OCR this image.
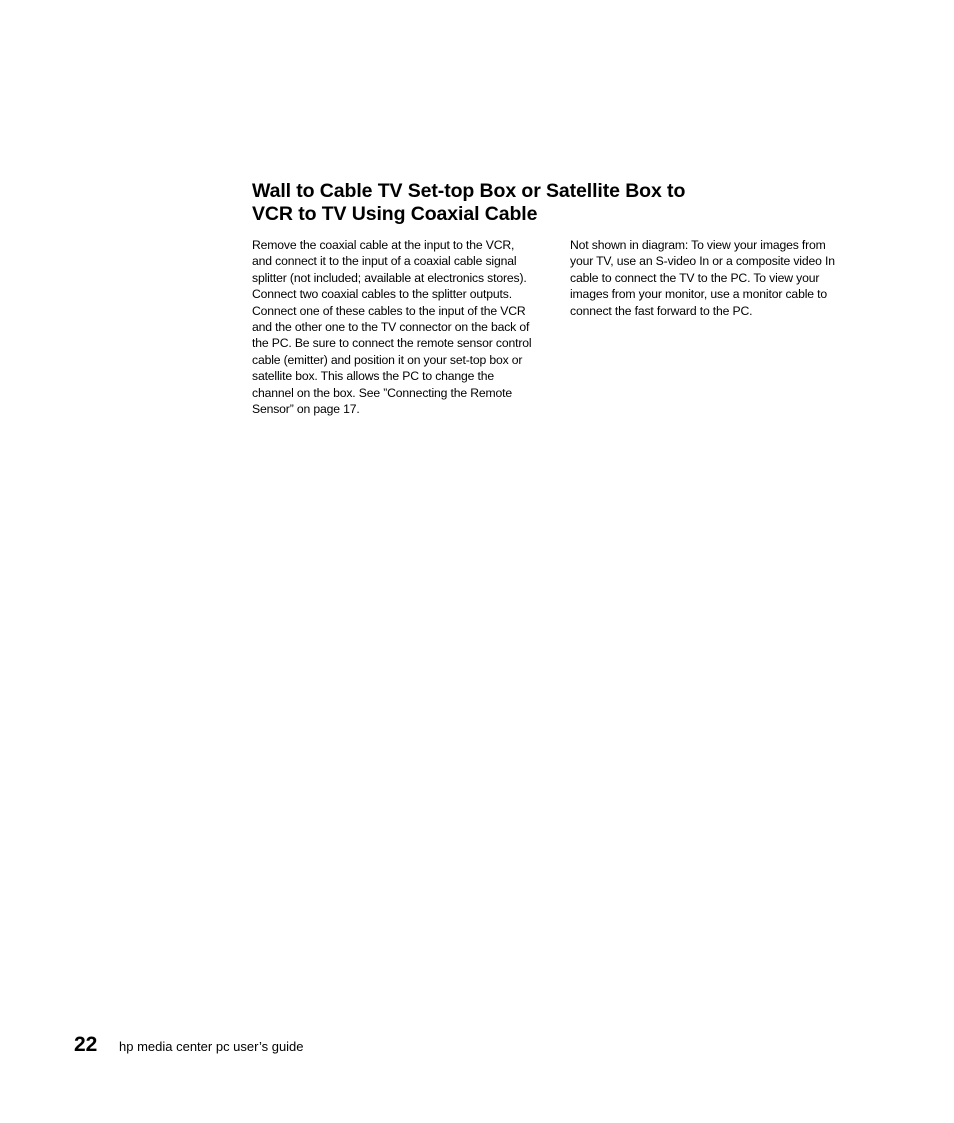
Wall to Cable TV Set-top Box or Satellite Box to
VCR to TV Using Coaxial Cable

Remove the coaxial cable at the input to the VCR,
and connect it to the input of a coaxial cable signal
splitter (not included; available at electronics stores).
Connect two coaxial cables to the splitter outputs.
Connect one of these cables to the input of the VCR
and the other one to the TV connector on the back of
the PC. Be sure to connect the remote sensor control
cable (emitter) and position it on your set-top box or
satellite box. This allows the PC to change the
channel on the box. See ”Connecting the Remote
Sensor” on page 17.

Not shown in diagram: To view your images from
your TV, use an S-video In or a composite video In
cable to connect the TV to the PC. To view your
images from your monitor, use a monitor cable to
connect the fast forward to the PC.

22 hp media center pc user’s guide
